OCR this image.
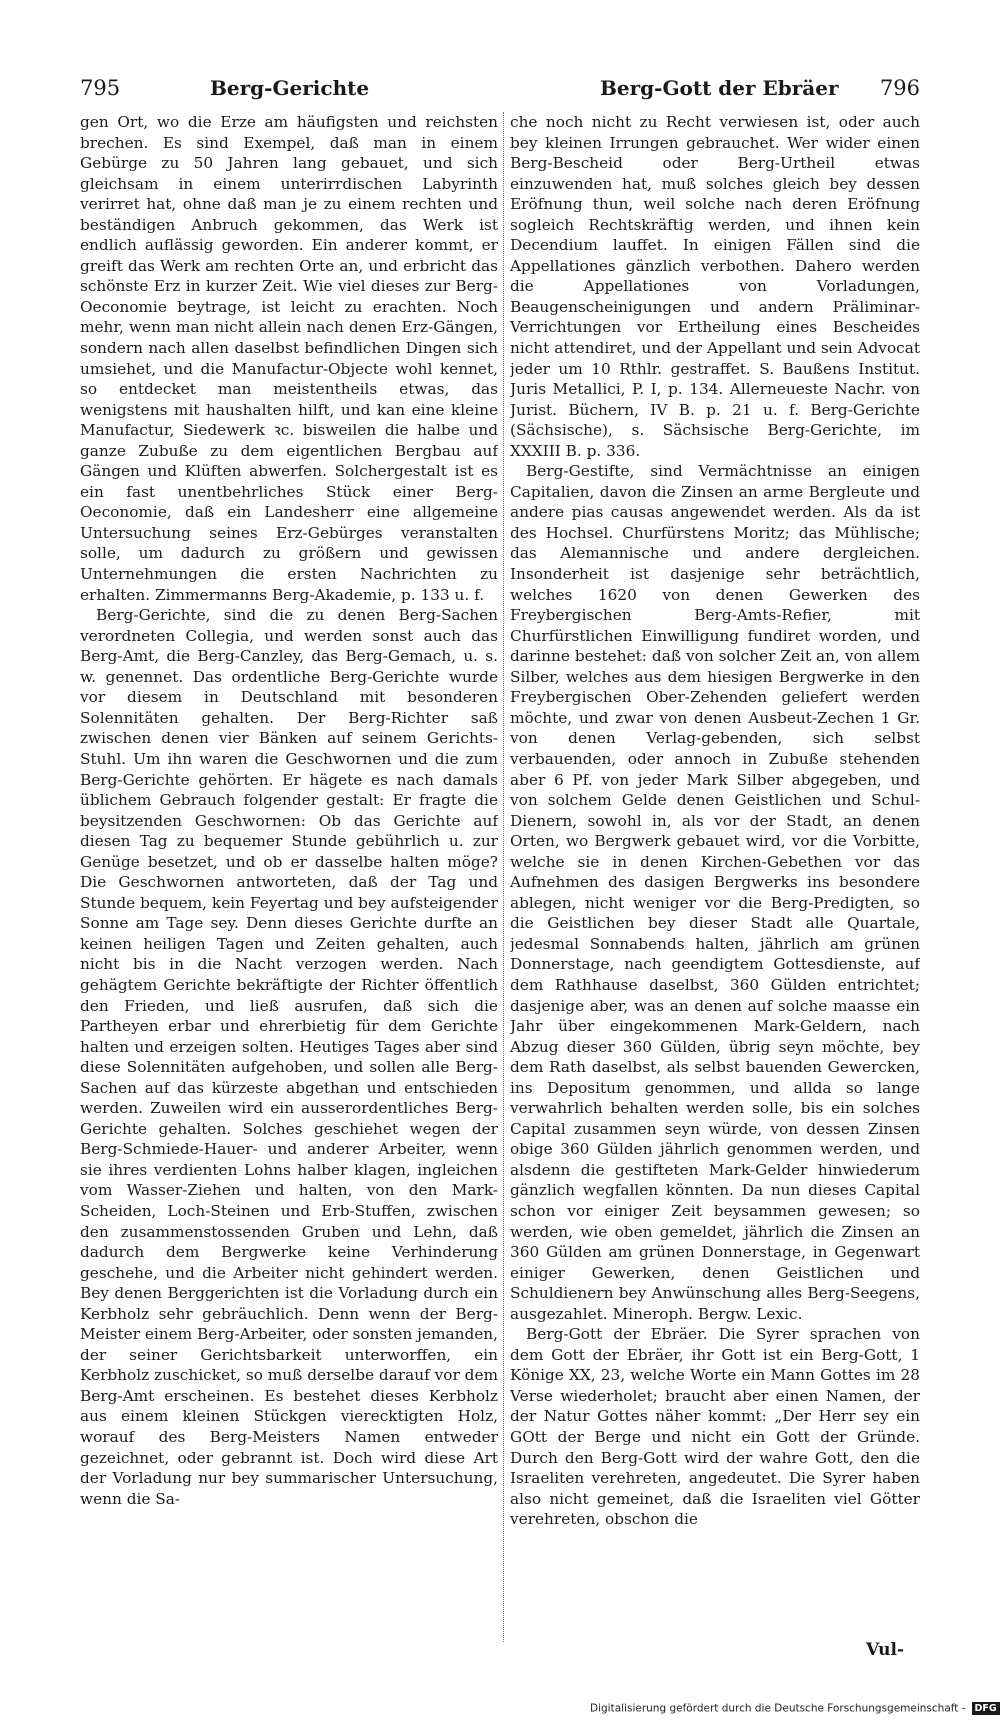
795	Berg-Gerichte	Berg-Gott der Ebräer 796

gen Ort, wo die Erze am häufigsten und reichsten brechen. Es sind Exempel, daß man in einem Gebürge zu 50 Jahren lang gebauet, und sich gleichsam in einem unterirrdischen Labyrinth verirret hat, ohne daß man je zu einem rechten und beständigen Anbruch gekommen, das Werk ist endlich auflässig geworden. Ein anderer kommt, er greift das Werk am rechten Orte an, und erbricht das schönste Erz in kurzer Zeit. Wie viel dieses zur Berg-Oeconomie beytrage, ist leicht zu erachten. Noch mehr, wenn man nicht allein nach denen Erz-Gängen, sondern nach allen daselbst befindlichen Dingen sich umsiehet, und die Manufactur-Objecte wohl kennet, so entdecket man meistentheils etwas, das wenigstens mit haushalten hilft, und kan eine kleine Manufactur, Siedewerk ꝛc. bisweilen die halbe und ganze Zubuße zu dem eigentlichen Bergbau auf Gängen und Klüften abwerfen. Solchergestalt ist es ein fast unentbehrliches Stück einer Berg-Oeconomie, daß ein Landesherr eine allgemeine Untersuchung seines Erz-Gebürges veranstalten solle, um dadurch zu größern und gewissen Unternehmungen die ersten Nachrichten zu erhalten. Zimmermanns Berg-Akademie, p. 133 u. f.

Berg-Gerichte, sind die zu denen Berg-Sachen verordneten Collegia, und werden sonst auch das Berg-Amt, die Berg-Canzley, das Berg-Gemach, u. s. w. genennet. Das ordentliche Berg-Gerichte wurde vor diesem in Deutschland mit besonderen Solennitäten gehalten. Der Berg-Richter saß zwischen denen vier Bänken auf seinem Gerichts-Stuhl. Um ihn waren die Geschwornen und die zum Berg-Gerichte gehörten. Er hägete es nach damals üblichem Gebrauch folgender gestalt: Er fragte die beysitzenden Geschwornen: Ob das Gerichte auf diesen Tag zu bequemer Stunde gebührlich u. zur Genüge besetzet, und ob er dasselbe halten möge? Die Geschwornen antworteten, daß der Tag und Stunde bequem, kein Feyertag und bey aufsteigender Sonne am Tage sey. Denn dieses Gerichte durfte an keinen heiligen Tagen und Zeiten gehalten, auch nicht bis in die Nacht verzogen werden. Nach gehägtem Gerichte bekräftigte der Richter öffentlich den Frieden, und ließ ausrufen, daß sich die Partheyen erbar und ehrerbietig für dem Gerichte halten und erzeigen solten. Heutiges Tages aber sind diese Solennitäten aufgehoben, und sollen alle Berg-Sachen auf das kürzeste abgethan und entschieden werden. Zuweilen wird ein ausserordentliches Berg-Gerichte gehalten. Solches geschiehet wegen der Berg-Schmiede-Hauer- und anderer Arbeiter, wenn sie ihres verdienten Lohns halber klagen, ingleichen vom Wasser-Ziehen und halten, von den Mark-Scheiden, Loch-Steinen und Erb-Stuffen, zwischen den zusammenstossenden Gruben und Lehn, daß dadurch dem Bergwerke keine Verhinderung geschehe, und die Arbeiter nicht gehindert werden. Bey denen Berggerichten ist die Vorladung durch ein Kerbholz sehr gebräuchlich. Denn wenn der Berg-Meister einem Berg-Arbeiter, oder sonsten jemanden, der seiner Gerichtsbarkeit unterworffen, ein Kerbholz zuschicket, so muß derselbe darauf vor dem Berg-Amt erscheinen. Es bestehet dieses Kerbholz aus einem kleinen Stückgen vierecktigten Holz, worauf des Berg-Meisters Namen entweder gezeichnet, oder gebrannt ist. Doch wird diese Art der Vorladung nur bey summarischer Untersuchung, wenn die Sa-

che noch nicht zu Recht verwiesen ist, oder auch bey kleinen Irrungen gebrauchet. Wer wider einen Berg-Bescheid oder Berg-Urtheil etwas einzuwenden hat, muß solches gleich bey dessen Eröfnung thun, weil solche nach deren Eröfnung sogleich Rechtskräftig werden, und ihnen kein Decendium lauffet. In einigen Fällen sind die Appellationes gänzlich verbothen. Dahero werden die Appellationes von Vorladungen, Beaugenscheinigungen und andern Präliminar-Verrichtungen vor Ertheilung eines Bescheides nicht attendiret, und der Appellant und sein Advocat jeder um 10 Rthlr. gestraffet. S. Baußens Institut. Juris Metallici, P. I, p. 134. Allerneueste Nachr. von Jurist. Büchern, IV B. p. 21 u. f. Berg-Gerichte (Sächsische), s. Sächsische Berg-Gerichte, im XXXIII B. p. 336.

Berg-Gestifte, sind Vermächtnisse an einigen Capitalien, davon die Zinsen an arme Bergleute und andere pias causas angewendet werden. Als da ist des Hochsel. Churfürstens Moritz; das Mühlische; das Alemannische und andere dergleichen. Insonderheit ist dasjenige sehr beträchtlich, welches 1620 von denen Gewerken des Freybergischen Berg-Amts-Refier, mit Churfürstlichen Einwilligung fundiret worden, und darinne bestehet: daß von solcher Zeit an, von allem Silber, welches aus dem hiesigen Bergwerke in den Freybergischen Ober-Zehenden geliefert werden möchte, und zwar von denen Ausbeut-Zechen 1 Gr. von denen Verlag-gebenden, sich selbst verbauenden, oder annoch in Zubuße stehenden aber 6 Pf. von jeder Mark Silber abgegeben, und von solchem Gelde denen Geistlichen und Schul-Dienern, sowohl in, als vor der Stadt, an denen Orten, wo Bergwerk gebauet wird, vor die Vorbitte, welche sie in denen Kirchen-Gebethen vor das Aufnehmen des dasigen Bergwerks ins besondere ablegen, nicht weniger vor die Berg-Predigten, so die Geistlichen bey dieser Stadt alle Quartale, jedesmal Sonnabends halten, jährlich am grünen Donnerstage, nach geendigtem Gottesdienste, auf dem Rathhause daselbst, 360 Gülden entrichtet; dasjenige aber, was an denen auf solche maasse ein Jahr über eingekommenen Mark-Geldern, nach Abzug dieser 360 Gülden, übrig seyn möchte, bey dem Rath daselbst, als selbst bauenden Gewercken, ins Depositum genommen, und allda so lange verwahrlich behalten werden solle, bis ein solches Capital zusammen seyn würde, von dessen Zinsen obige 360 Gülden jährlich genommen werden, und alsdenn die gestifteten Mark-Gelder hinwiederum gänzlich wegfallen könnten. Da nun dieses Capital schon vor einiger Zeit beysammen gewesen; so werden, wie oben gemeldet, jährlich die Zinsen an 360 Gülden am grünen Donnerstage, in Gegenwart einiger Gewerken, denen Geistlichen und Schuldienern bey Anwünschung alles Berg-Seegens, ausgezahlet. Mineroph. Bergw. Lexic.

Berg-Gott der Ebräer. Die Syrer sprachen von dem Gott der Ebräer, ihr Gott ist ein Berg-Gott, 1 Könige XX, 23, welche Worte ein Mann Gottes im 28 Verse wiederholet; braucht aber einen Namen, der der Natur Gottes näher kommt: „Der Herr sey ein GOtt der Berge und nicht ein Gott der Gründe. Durch den Berg-Gott wird der wahre Gott, den die Israeliten verehreten, angedeutet. Die Syrer haben also nicht gemeinet, daß die Israeliten viel Götter verehreten, obschon die

Vul-
Digitalisierung gefördert durch die Deutsche Forschungsgemeinschaft - DFG
